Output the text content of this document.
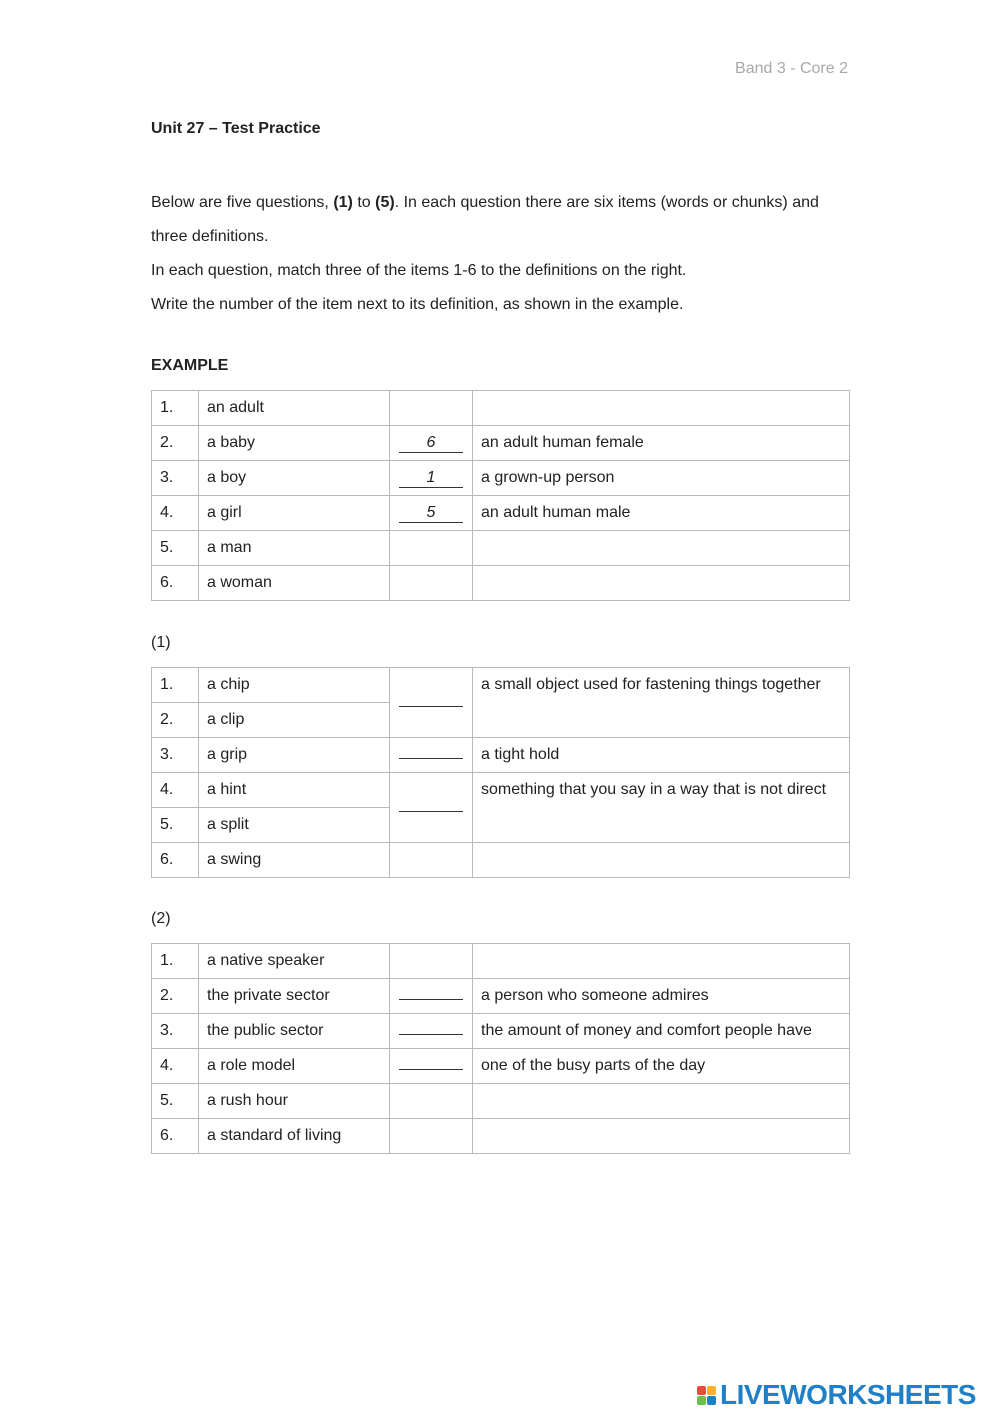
Band 3 - Core 2
Unit 27 – Test Practice
Below are five questions, (1) to (5). In each question there are six items (words or chunks) and three definitions.
In each question, match three of the items 1-6 to the definitions on the right.
Write the number of the item next to its definition, as shown in the example.
EXAMPLE
1.	an adult		
2.	a baby	6	an adult human female
3.	a boy	1	a grown-up person
4.	a girl	5	an adult human male
5.	a man		
6.	a woman		
(1)
1.	a chip		a small object used for fastening things together
2.	a clip		
3.	a grip		a tight hold
4.	a hint		something that you say in a way that is not direct
5.	a split		
6.	a swing		
(2)
1.	a native speaker		
2.	the private sector		a person who someone admires
3.	the public sector		the amount of money and comfort people have
4.	a role model		one of the busy parts of the day
5.	a rush hour		
6.	a standard of living		
LIVEWORKSHEETS
